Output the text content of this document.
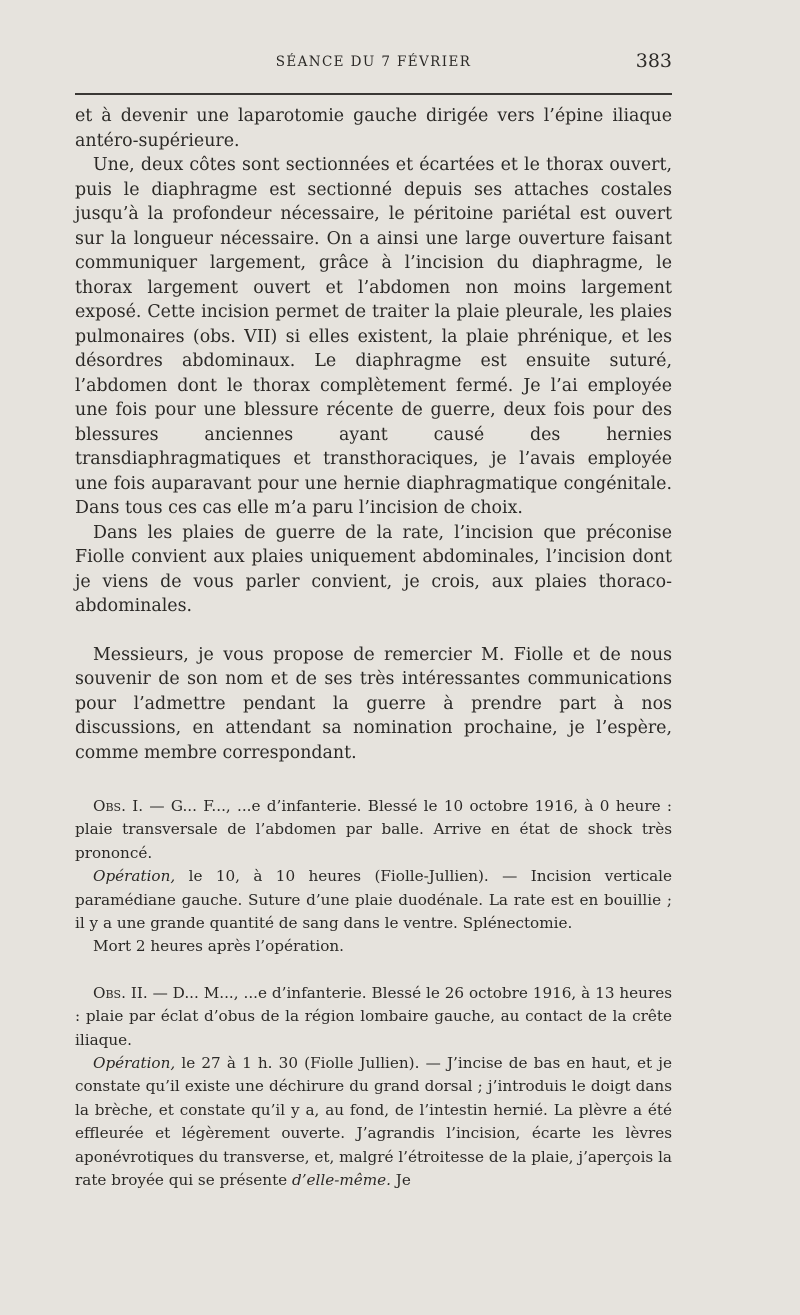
SÉANCE DU 7 FÉVRIER	383

et à devenir une laparotomie gauche dirigée vers l’épine iliaque antéro-supérieure.

Une, deux côtes sont sectionnées et écartées et le thorax ouvert, puis le diaphragme est sectionné depuis ses attaches costales jusqu’à la profondeur nécessaire, le péritoine pariétal est ouvert sur la longueur nécessaire. On a ainsi une large ouverture faisant communiquer largement, grâce à l’incision du diaphragme, le thorax largement ouvert et l’abdomen non moins largement exposé. Cette incision permet de traiter la plaie pleurale, les plaies pulmonaires (obs. VII) si elles existent, la plaie phrénique, et les désordres abdominaux. Le diaphragme est ensuite suturé, l’abdomen dont le thorax complètement fermé. Je l’ai employée une fois pour une blessure récente de guerre, deux fois pour des blessures anciennes ayant causé des hernies transdiaphragmatiques et transthoraciques, je l’avais employée une fois auparavant pour une hernie diaphragmatique congénitale. Dans tous ces cas elle m’a paru l’incision de choix.

Dans les plaies de guerre de la rate, l’incision que préconise Fiolle convient aux plaies uniquement abdominales, l’incision dont je viens de vous parler convient, je crois, aux plaies thoraco-abdominales.

Messieurs, je vous propose de remercier M. Fiolle et de nous souvenir de son nom et de ses très intéressantes communications pour l’admettre pendant la guerre à prendre part à nos discussions, en attendant sa nomination prochaine, je l’espère, comme membre correspondant.

Obs. I. — G... F..., ...e d’infanterie. Blessé le 10 octobre 1916, à 0 heure : plaie transversale de l’abdomen par balle. Arrive en état de shock très prononcé.

Opération, le 10, à 10 heures (Fiolle-Jullien). — Incision verticale paramédiane gauche. Suture d’une plaie duodénale. La rate est en bouillie ; il y a une grande quantité de sang dans le ventre. Splénectomie.

Mort 2 heures après l’opération.

Obs. II. — D... M..., ...e d’infanterie. Blessé le 26 octobre 1916, à 13 heures : plaie par éclat d’obus de la région lombaire gauche, au contact de la crête iliaque.

Opération, le 27 à 1 h. 30 (Fiolle Jullien). — J’incise de bas en haut, et je constate qu’il existe une déchirure du grand dorsal ; j’introduis le doigt dans la brèche, et constate qu’il y a, au fond, de l’intestin hernié. La plèvre a été effleurée et légèrement ouverte. J’agrandis l’incision, écarte les lèvres aponévrotiques du transverse, et, malgré l’étroitesse de la plaie, j’aperçois la rate broyée qui se présente d’elle-même. Je
